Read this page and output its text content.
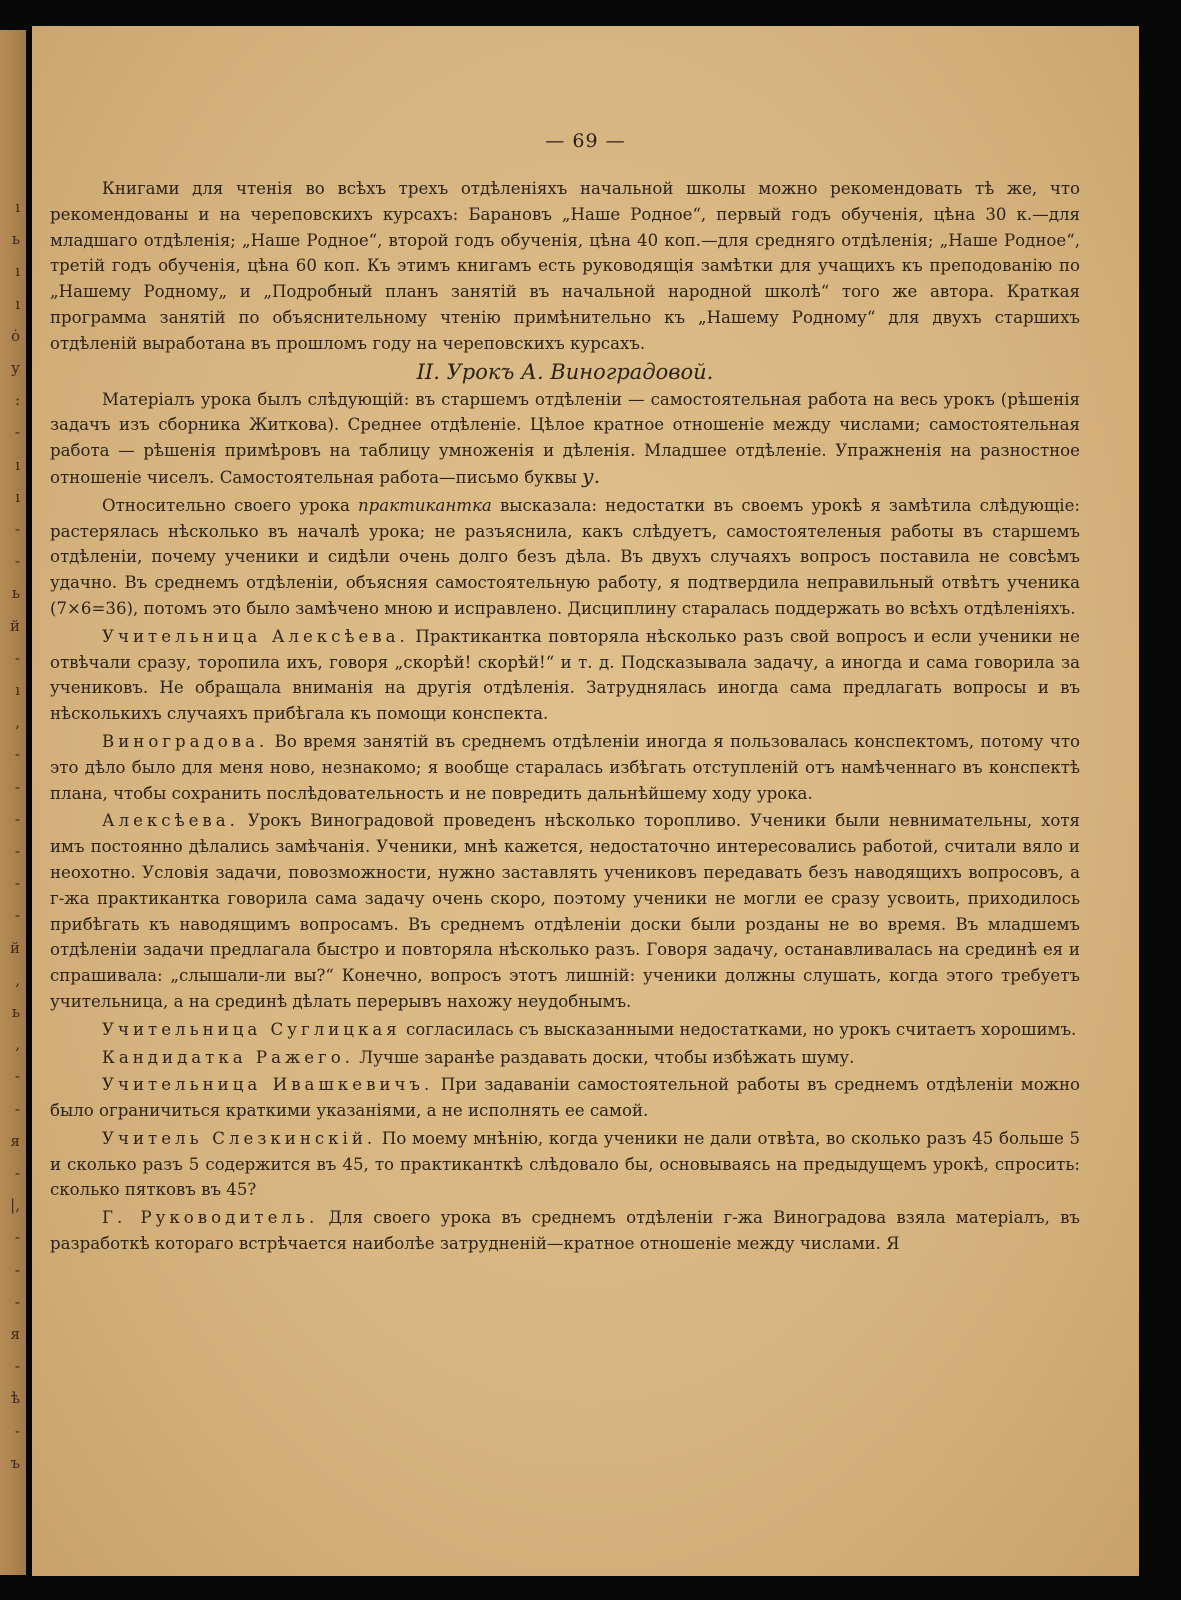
ı
ь
ı
ı
ȯ
у
:
-
ı
ı
-
-
ь
й
-
ı
,
-
-
-
-
-
-
й
,
ь
,
-
-
я
-
|,
-
-
-
я
-
ѣ
-
ъ
— 69 —

Книгами для чтенія во всѣхъ трехъ отдѣленіяхъ начальной школы можно рекомендовать тѣ же, что рекомендованы и на череповскихъ курсахъ: Барановъ „Наше Родное“, первый годъ обученія, цѣна 30 к.—для младшаго отдѣленія; „Наше Родное“, второй годъ обученія, цѣна 40 коп.—для средняго отдѣленія; „Наше Родное“, третій годъ обученія, цѣна 60 коп. Къ этимъ книгамъ есть руководящія замѣтки для учащихъ къ преподованію по „Нашему Родному„ и „Подробный планъ занятій въ начальной народной школѣ“ того же автора. Краткая программа занятій по объяснительному чтенію примѣнительно къ „Нашему Родному“ для двухъ старшихъ отдѣленій выработана въ прошломъ году на череповскихъ курсахъ.

II. Урокъ А. Виноградовой.

Матеріалъ урока былъ слѣдующій: въ старшемъ отдѣленіи — самостоятельная работа на весь урокъ (рѣшенія задачъ изъ сборника Житкова). Среднее отдѣленіе. Цѣлое кратное отношеніе между числами; самостоятельная работа — рѣшенія примѣровъ на таблицу умноженія и дѣленія. Младшее отдѣленіе. Упражненія на разностное отношеніе чиселъ. Самостоятельная работа—письмо буквы у.

Относительно своего урока практикантка высказала: недостатки въ своемъ урокѣ я замѣтила слѣдующіе: растерялась нѣсколько въ началѣ урока; не разъяснила, какъ слѣдуетъ, самостоятеленыя работы въ старшемъ отдѣленіи, почему ученики и сидѣли очень долго безъ дѣла. Въ двухъ случаяхъ вопросъ поставила не совсѣмъ удачно. Въ среднемъ отдѣленіи, объясняя самостоятельную работу, я подтвердила неправильный отвѣтъ ученика (7×6=36), потомъ это было замѣчено мною и исправлено. Дисциплину старалась поддержать во всѣхъ отдѣленіяхъ.

Учительница Алексѣева. Практикантка повторяла нѣсколько разъ свой вопросъ и если ученики не отвѣчали сразу, торопила ихъ, говоря „скорѣй! скорѣй!“ и т. д. Подсказывала задачу, а иногда и сама говорила за учениковъ. Не обращала вниманія на другія отдѣленія. Затруднялась иногда сама предлагать вопросы и въ нѣсколькихъ случаяхъ прибѣгала къ помощи конспекта.

Виноградова. Во время занятій въ среднемъ отдѣленіи иногда я пользовалась конспектомъ, потому что это дѣло было для меня ново, незнакомо; я вообще старалась избѣгать отступленій отъ намѣченнаго въ конспектѣ плана, чтобы сохранить послѣдовательность и не повредить дальнѣйшему ходу урока.

Алексѣева. Урокъ Виноградовой проведенъ нѣсколько торопливо. Ученики были невнимательны, хотя имъ постоянно дѣлались замѣчанія. Ученики, мнѣ кажется, недостаточно интересовались работой, считали вяло и неохотно. Условія задачи, повозможности, нужно заставлять учениковъ передавать безъ наводящихъ вопросовъ, а г-жа практикантка говорила сама задачу очень скоро, поэтому ученики не могли ее сразу усвоить, приходилось прибѣгать къ наводящимъ вопросамъ. Въ среднемъ отдѣленіи доски были розданы не во время. Въ младшемъ отдѣленіи задачи предлагала быстро и повторяла нѣсколько разъ. Говоря задачу, останавливалась на срединѣ ея и спрашивала: „слышали-ли вы?“ Конечно, вопросъ этотъ лишній: ученики должны слушать, когда этого требуетъ учительница, а на срединѣ дѣлать перерывъ нахожу неудобнымъ.

Учительница Суглицкая согласилась съ высказанными недостатками, но урокъ считаетъ хорошимъ.

Кандидатка Ражего. Лучше заранѣе раздавать доски, чтобы избѣжать шуму.

Учительница Ивашкевичъ. При задаваніи самостоятельной работы въ среднемъ отдѣленіи можно было ограничиться краткими указаніями, а не исполнять ее самой.

Учитель Слезкинскій. По моему мнѣнію, когда ученики не дали отвѣта, во сколько разъ 45 больше 5 и сколько разъ 5 содержится въ 45, то практиканткѣ слѣдовало бы, основываясь на предыдущемъ урокѣ, спросить: сколько пятковъ въ 45?

Г. Руководитель. Для своего урока въ среднемъ отдѣленіи г-жа Виноградова взяла матеріалъ, въ разработкѣ котораго встрѣчается наиболѣе затрудненій—кратное отношеніе между числами. Я
